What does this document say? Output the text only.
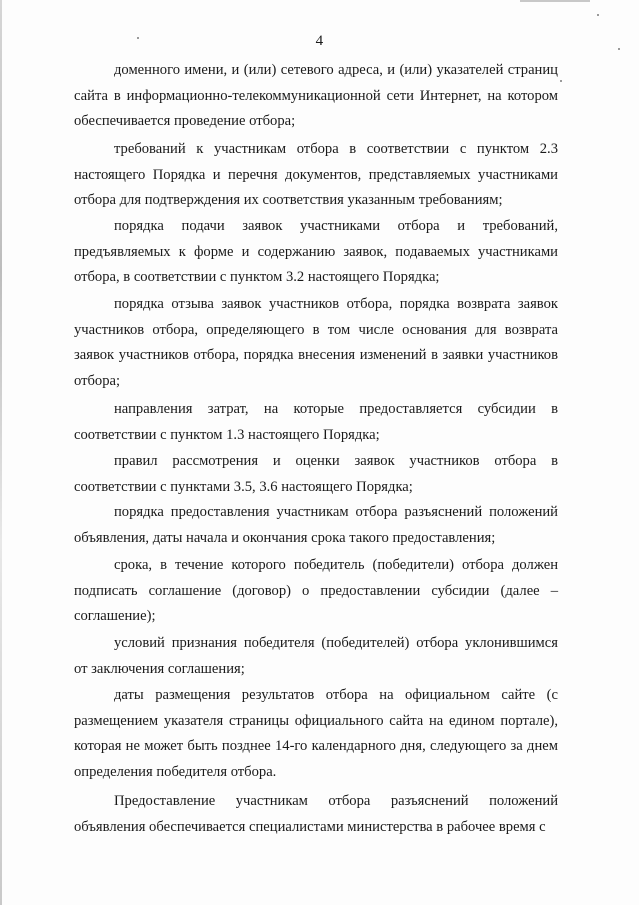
4

доменного имени, и (или) сетевого адреса, и (или) указателей страниц сайта в информационно-телекоммуникационной сети Интернет, на котором обеспечивается проведение отбора;

требований к участникам отбора в соответствии с пунктом 2.3 настоящего Порядка и перечня документов, представляемых участниками отбора для подтверждения их соответствия указанным требованиям;

порядка подачи заявок участниками отбора и требований, предъявляемых к форме и содержанию заявок, подаваемых участниками отбора, в соответствии с пунктом 3.2 настоящего Порядка;

порядка отзыва заявок участников отбора, порядка возврата заявок участников отбора, определяющего в том числе основания для возврата заявок участников отбора, порядка внесения изменений в заявки участников отбора;

направления затрат, на которые предоставляется субсидии в соответствии с пунктом 1.3 настоящего Порядка;

правил рассмотрения и оценки заявок участников отбора в соответствии с пунктами 3.5, 3.6 настоящего Порядка;

порядка предоставления участникам отбора разъяснений положений объявления, даты начала и окончания срока такого предоставления;

срока, в течение которого победитель (победители) отбора должен подписать соглашение (договор) о предоставлении субсидии (далее – соглашение);

условий признания победителя (победителей) отбора уклонившимся от заключения соглашения;

даты размещения результатов отбора на официальном сайте (с размещением указателя страницы официального сайта на едином портале), которая не может быть позднее 14-го календарного дня, следующего за днем определения победителя отбора.

Предоставление участникам отбора разъяснений положений объявления обеспечивается специалистами министерства в рабочее время с
